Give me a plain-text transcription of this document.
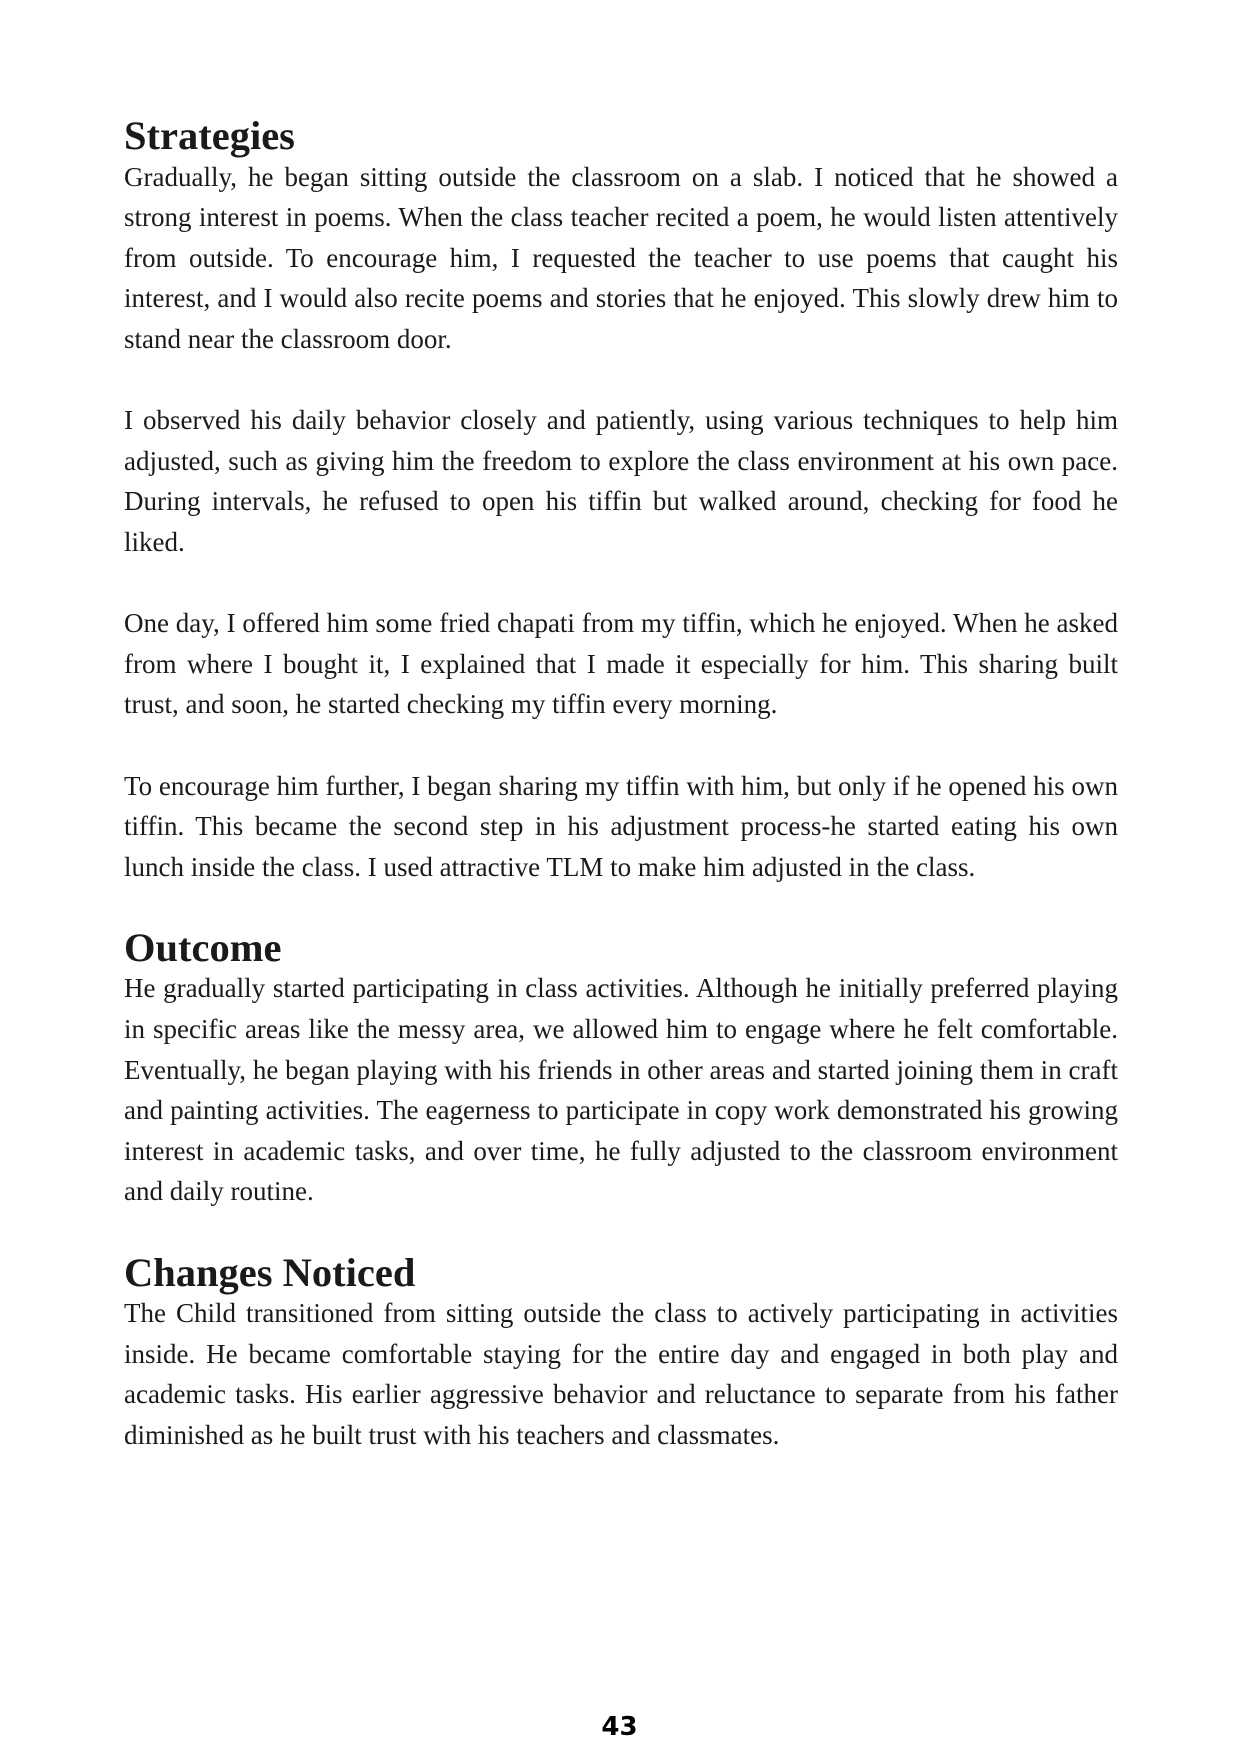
Strategies

Gradually, he began sitting outside the classroom on a slab. I noticed that he showed a strong interest in poems. When the class teacher recited a poem, he would listen attentively from outside. To encourage him, I requested the teacher to use poems that caught his interest, and I would also recite poems and stories that he enjoyed. This slowly drew him to stand near the classroom door.

I observed his daily behavior closely and patiently, using various techniques to help him adjusted, such as giving him the freedom to explore the class environment at his own pace. During intervals, he refused to open his tiffin but walked around, checking for food he liked.

One day, I offered him some fried chapati from my tiffin, which he enjoyed. When he asked from where I bought it, I explained that I made it especially for him. This sharing built trust, and soon, he started checking my tiffin every morning.

To encourage him further, I began sharing my tiffin with him, but only if he opened his own tiffin. This became the second step in his adjustment process-he started eating his own lunch inside the class. I used attractive TLM to make him adjusted in the class.

Outcome

He gradually started participating in class activities. Although he initially preferred playing in specific areas like the messy area, we allowed him to engage where he felt comfortable. Eventually, he began playing with his friends in other areas and started joining them in craft and painting activities. The eagerness to participate in copy work demonstrated his growing interest in academic tasks, and over time, he fully adjusted to the classroom environment and daily routine.

Changes Noticed

The Child transitioned from sitting outside the class to actively participating in activities inside. He became comfortable staying for the entire day and engaged in both play and academic tasks. His earlier aggressive behavior and reluctance to separate from his father diminished as he built trust with his teachers and classmates.

43
